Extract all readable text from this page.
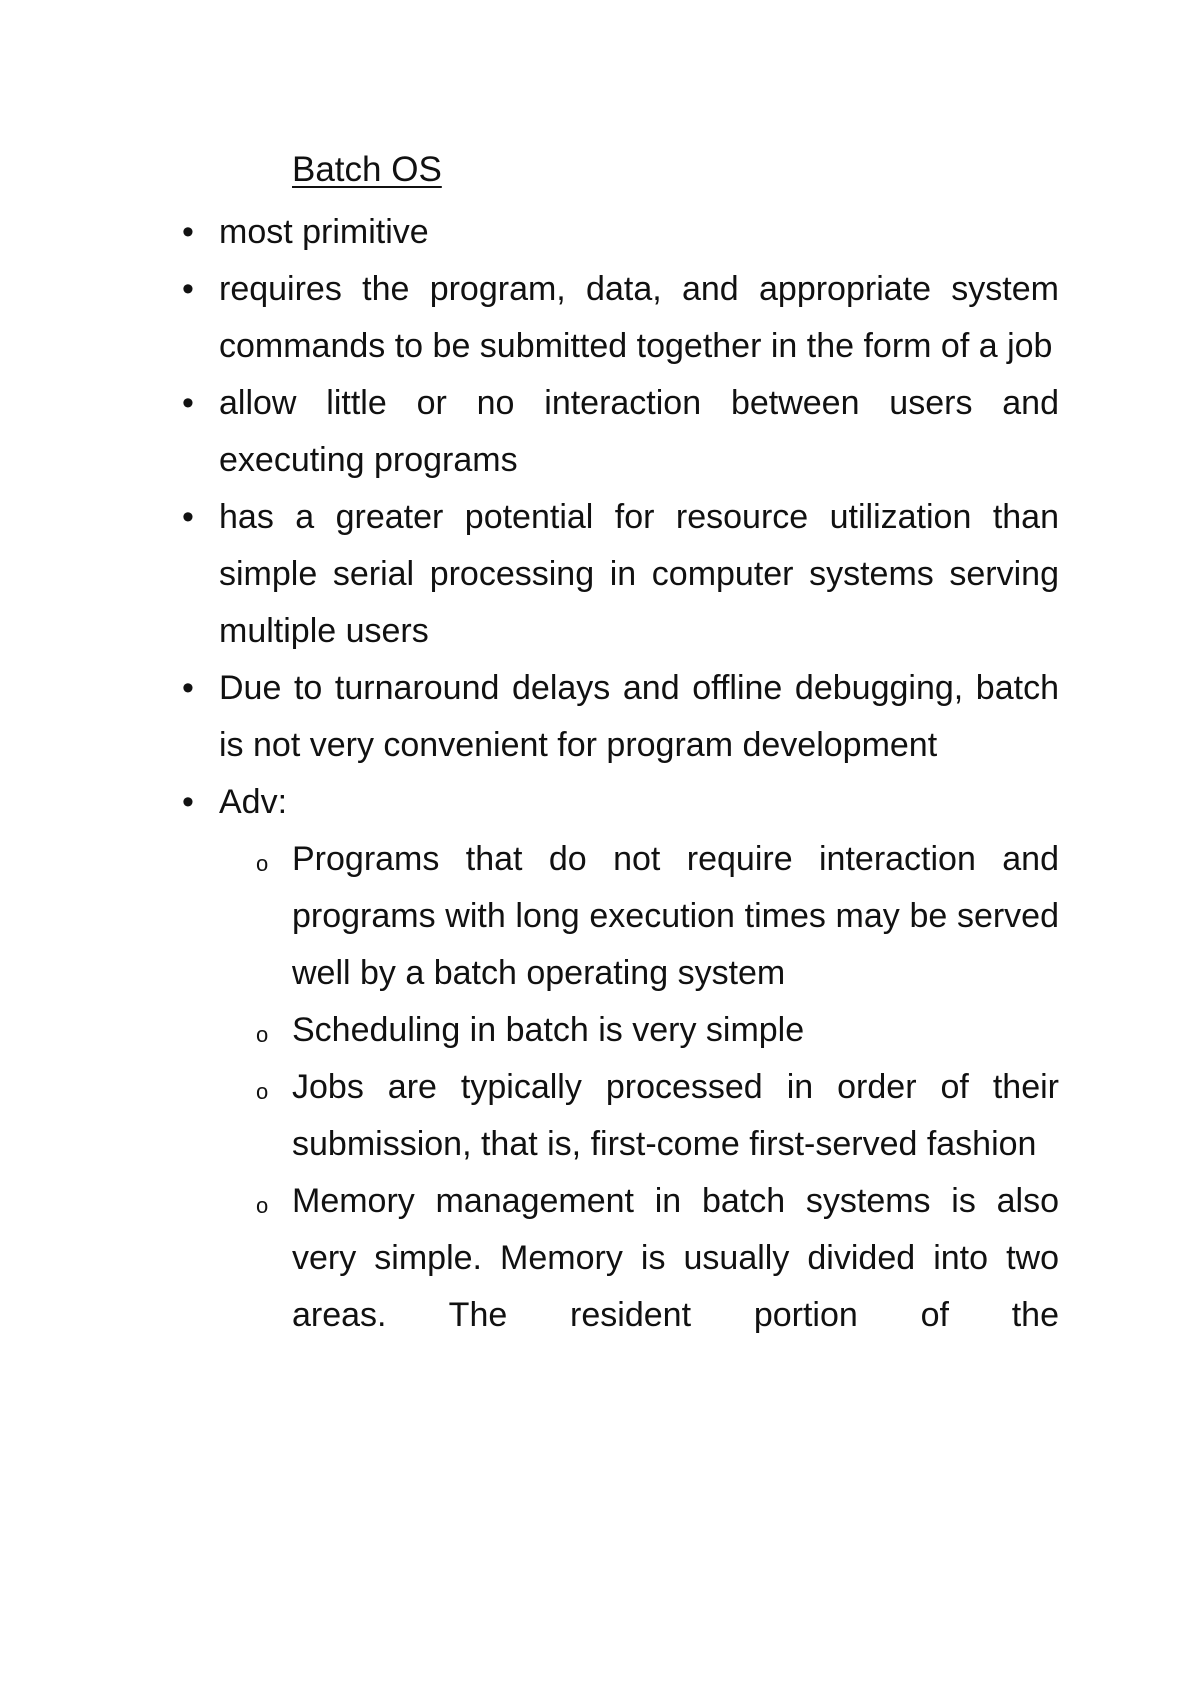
Batch OS
• most primitive
• requires the program, data, and appropriate system commands to be submitted together in the form of a job
• allow little or no interaction between users and executing programs
• has a greater potential for resource utilization than simple serial processing in computer systems serving multiple users
• Due to turnaround delays and offline debugging, batch is not very convenient for program development
• Adv:
o Programs that do not require interaction and programs with long execution times may be served well by a batch operating system
o Scheduling in batch is very simple
o Jobs are typically processed in order of their submission, that is, first-come first-served fashion
o Memory management in batch systems is also very simple. Memory is usually divided into two areas. The resident portion of the
